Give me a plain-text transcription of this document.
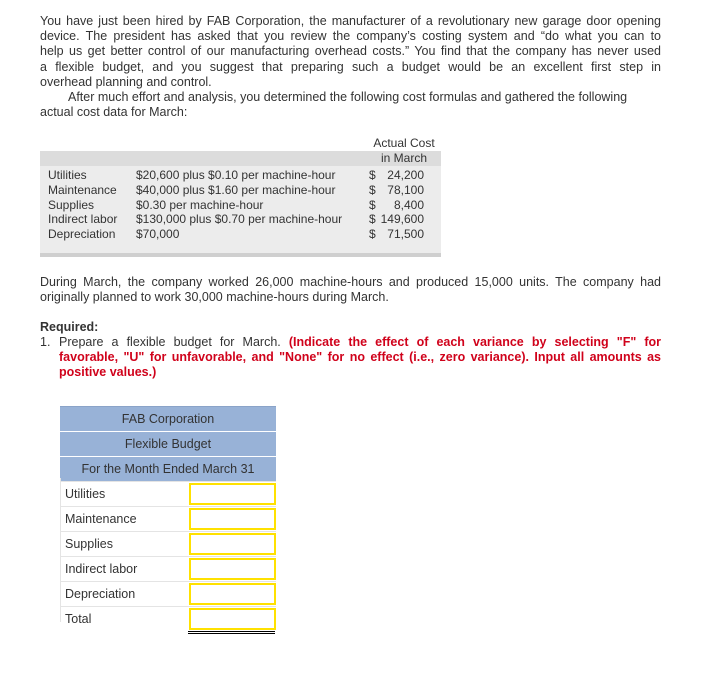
You have just been hired by FAB Corporation, the manufacturer of a revolutionary new garage door opening
device. The president has asked that you review the company’s costing system and “do what you can to
help us get better control of our manufacturing overhead costs.” You find that the company has never used
a flexible budget, and you suggest that preparing such a budget would be an excellent first step in
overhead planning and control.
After much effort and analysis, you determined the following cost formulas and gathered the following
actual cost data for March:
Actual Cost
in March
Utilities	$20,600 plus $0.10 per machine-hour	$ 24,200
Maintenance $40,000 plus $1.60 per machine-hour	$ 78,100
Supplies	$0.30 per machine-hour	$	8,400
Indirect labor $130,000 plus $0.70 per machine-hour $ 149,600
Depreciation $70,000	$ 71,500
During March, the company worked 26,000 machine-hours and produced 15,000 units. The company had
originally planned to work 30,000 machine-hours during March.
Required:
1. Prepare a flexible budget for March. (Indicate the effect of each variance by selecting "F" for
favorable, "U" for unfavorable, and "None" for no effect (i.e., zero variance). Input all amounts as
positive values.)
FAB Corporation
Flexible Budget
For the Month Ended March 31
Utilities
Maintenance
Supplies
Indirect labor
Depreciation
Total
